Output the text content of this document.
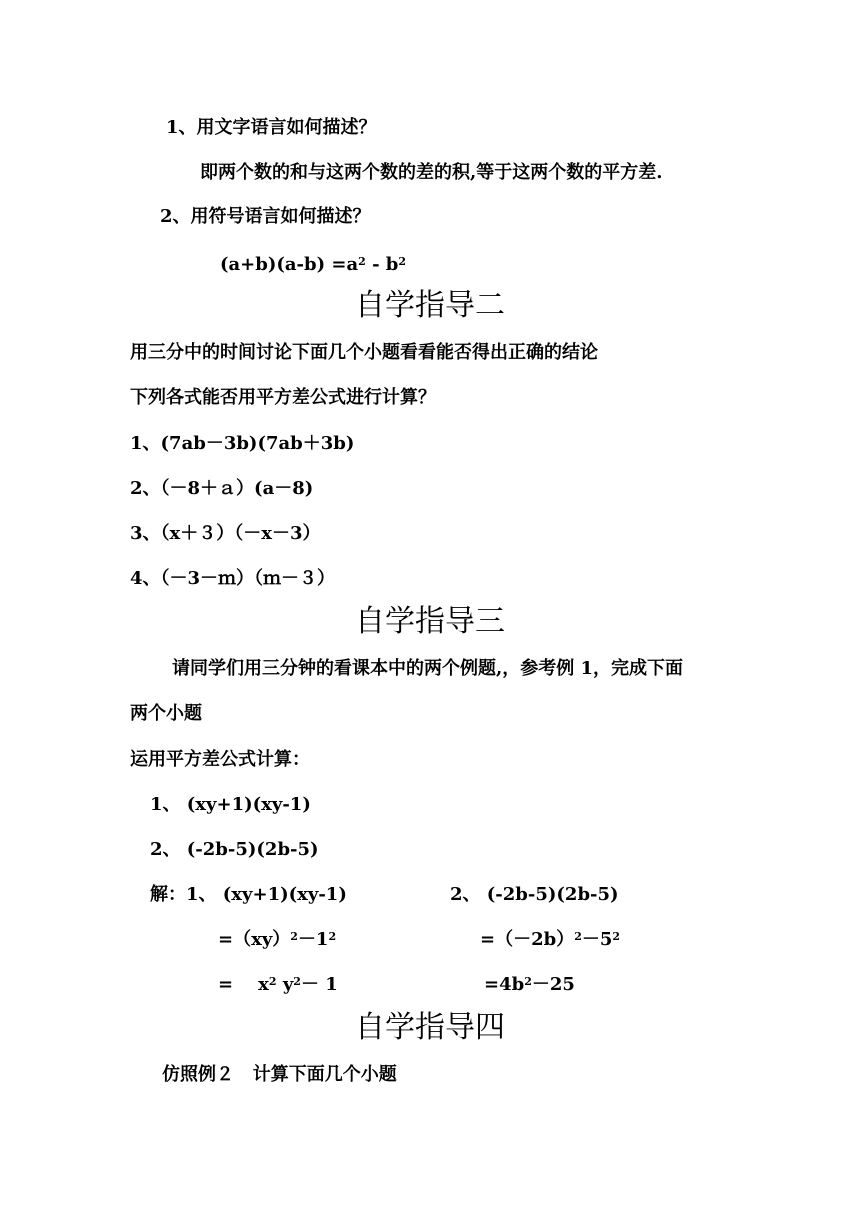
1、用文字语言如何描述？
即两个数的和与这两个数的差的积,等于这两个数的平方差.
2、用符号语言如何描述？
$(a+b)(a-b) =a^2 - b^2$
自学指导二
用三分中的时间讨论下面几个小题看看能否得出正确的结论
下列各式能否用平方差公式进行计算？
1、(7ab－3b)(7ab＋3b)
2、（－8＋ａ）(a－8)
3、（x＋３）（－x－3）
4、（－3－ｍ）（ｍ－３）
自学指导三
请同学们用三分钟的看课本中的两个例题,，参考例 1，完成下面
两个小题
运用平方差公式计算：
1、 (xy+1)(xy-1)
2、 (-2b-5)(2b-5)
解：1、 (xy+1)(xy-1)	2、 (-2b-5)(2b-5)
$=(xy)^2-1^2$	$=(-2b)^2-5^2$
=    $x^2$ $y^2- 1$	$=4b^2-25$
自学指导四
仿照例２   计算下面几个小题
